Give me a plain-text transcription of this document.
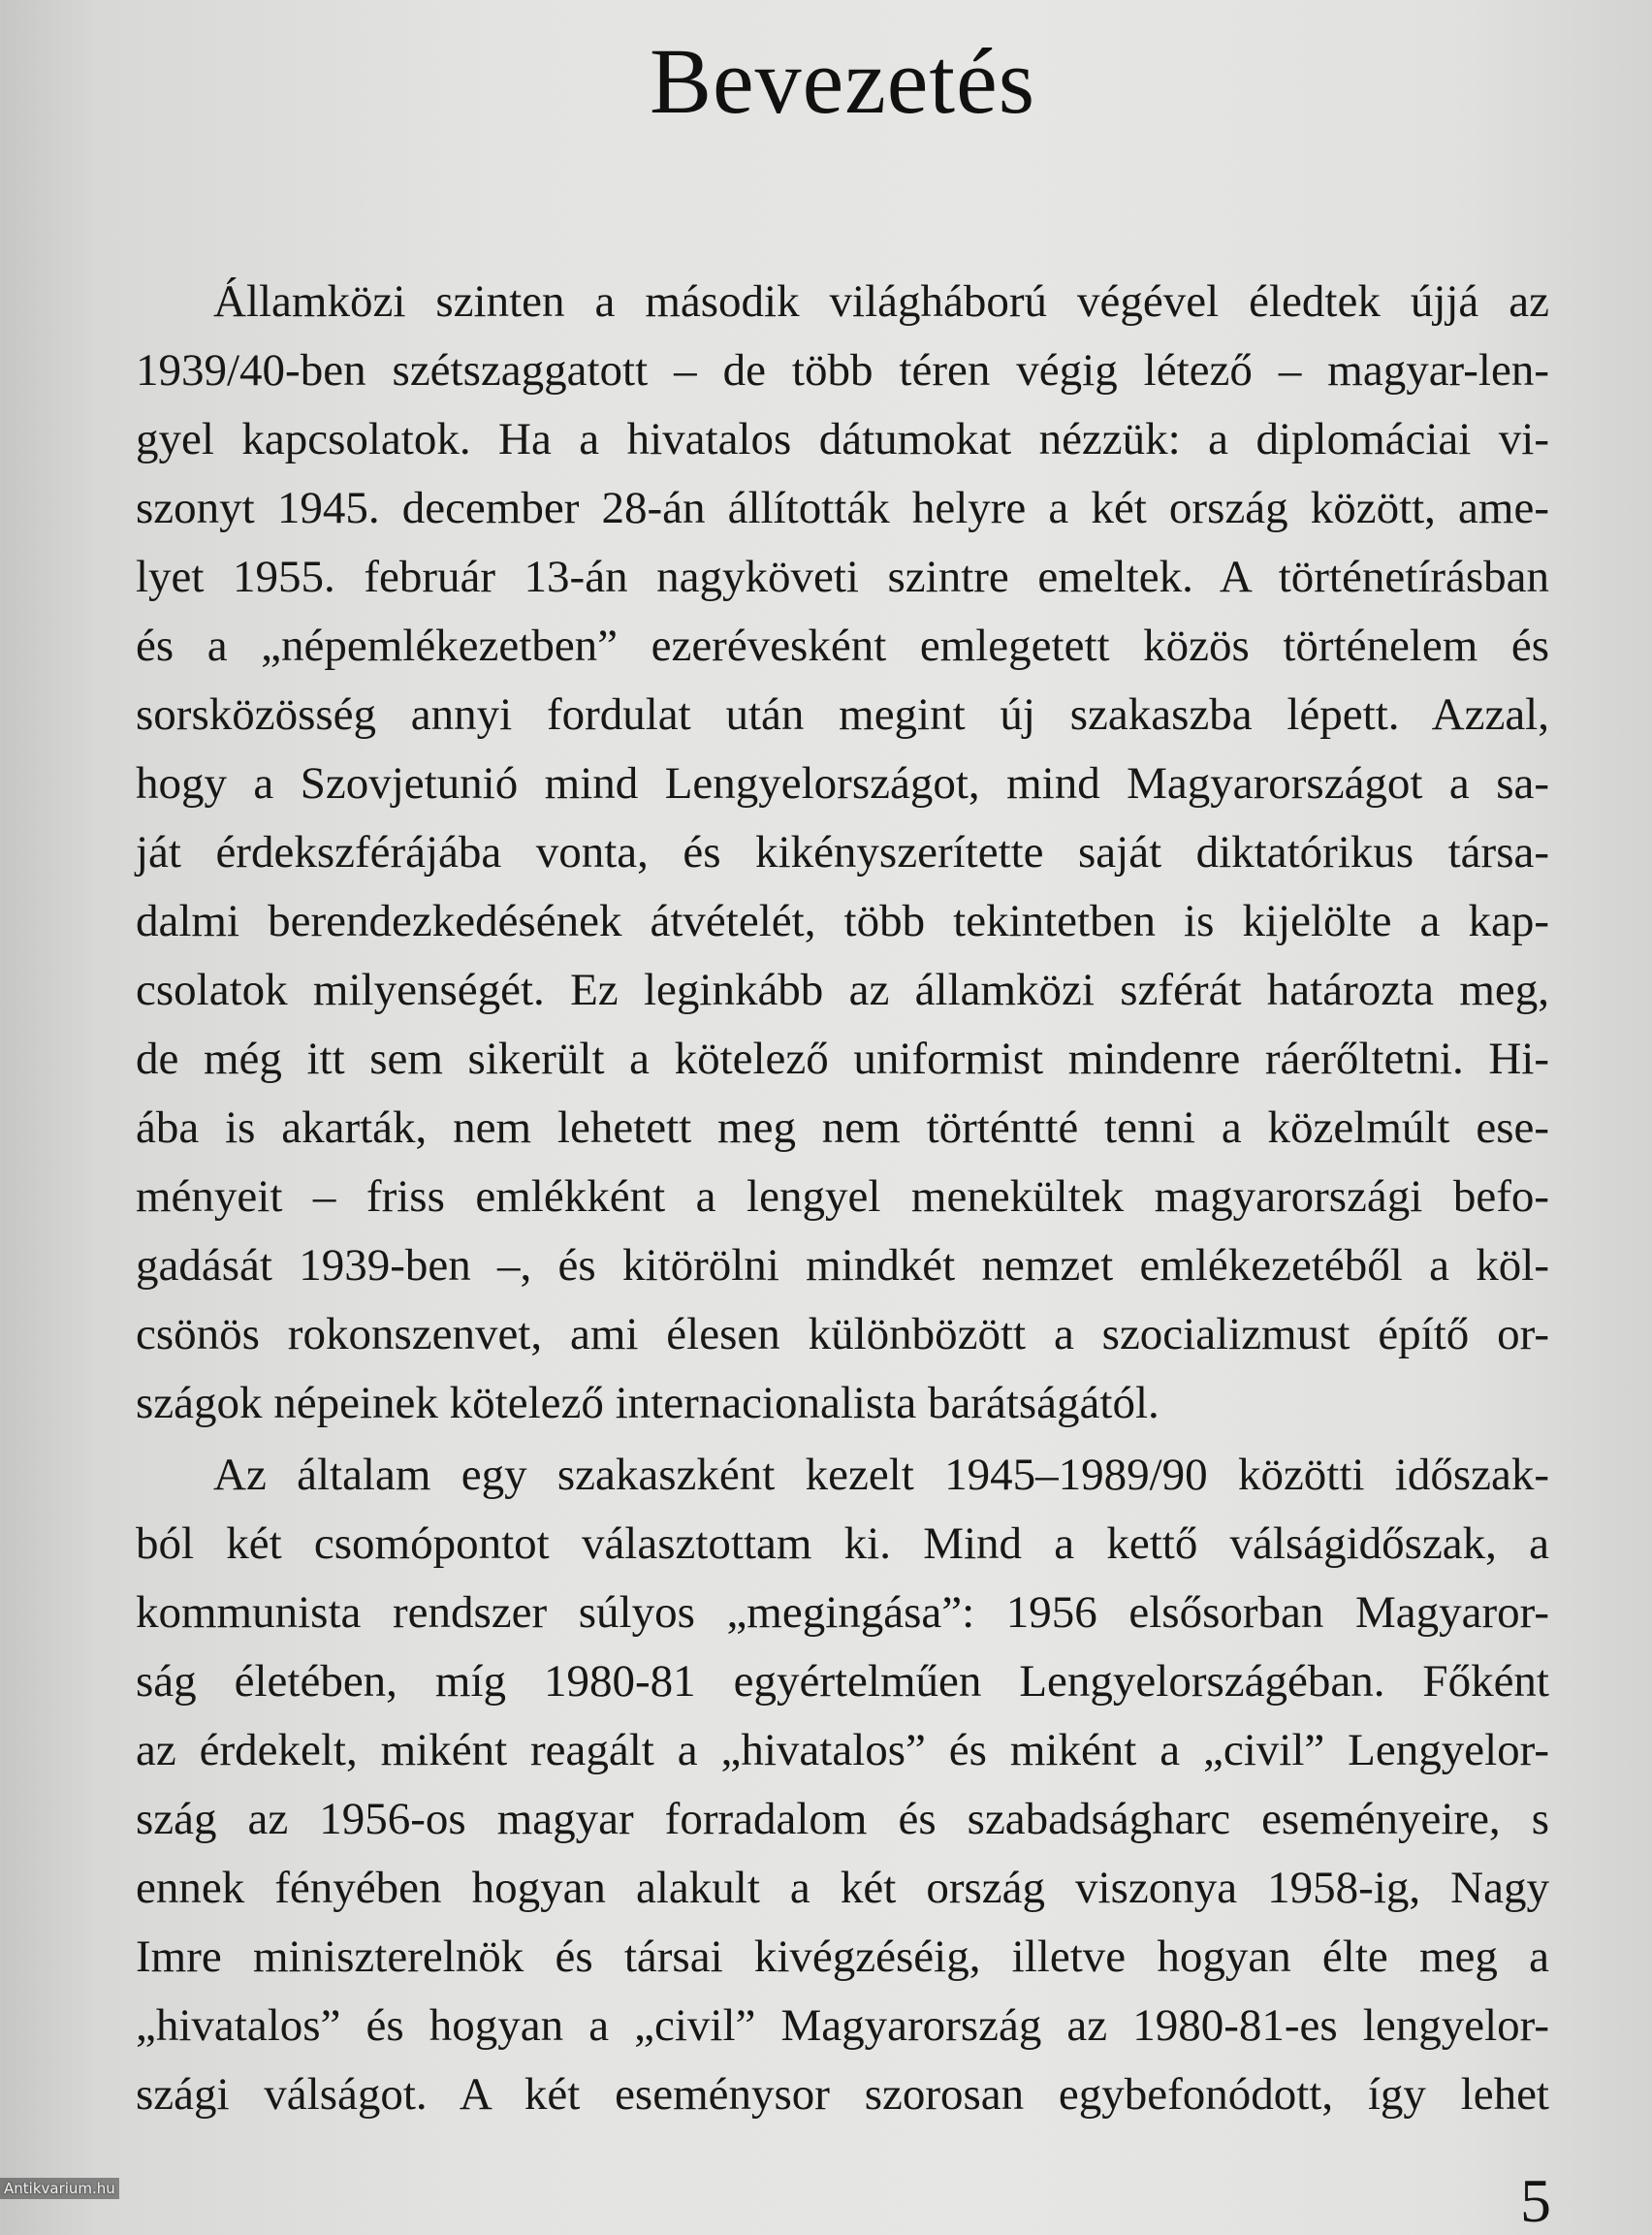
Bevezetés
Államközi szinten a második világháború végével éledtek újjá az
1939/40-ben szétszaggatott – de több téren végig létező – magyar-len-
gyel kapcsolatok. Ha a hivatalos dátumokat nézzük: a diplomáciai vi-
szonyt 1945. december 28-án állították helyre a két ország között, ame-
lyet 1955. február 13-án nagyköveti szintre emeltek. A történetírásban
és a „népemlékezetben” ezerévesként emlegetett közös történelem és
sorsközösség annyi fordulat után megint új szakaszba lépett. Azzal,
hogy a Szovjetunió mind Lengyelországot, mind Magyarországot a sa-
ját érdekszférájába vonta, és kikényszerítette saját diktatórikus társa-
dalmi berendezkedésének átvételét, több tekintetben is kijelölte a kap-
csolatok milyenségét. Ez leginkább az államközi szférát határozta meg,
de még itt sem sikerült a kötelező uniformist mindenre ráerőltetni. Hi-
ába is akarták, nem lehetett meg nem történtté tenni a közelmúlt ese-
ményeit – friss emlékként a lengyel menekültek magyarországi befo-
gadását 1939-ben –, és kitörölni mindkét nemzet emlékezetéből a köl-
csönös rokonszenvet, ami élesen különbözött a szocializmust építő or-
szágok népeinek kötelező internacionalista barátságától.
Az általam egy szakaszként kezelt 1945–1989/90 közötti időszak-
ból két csomópontot választottam ki. Mind a kettő válságidőszak, a
kommunista rendszer súlyos „megingása”: 1956 elsősorban Magyaror-
ság életében, míg 1980-81 egyértelműen Lengyelországéban. Főként
az érdekelt, miként reagált a „hivatalos” és miként a „civil” Lengyelor-
szág az 1956-os magyar forradalom és szabadságharc eseményeire, s
ennek fényében hogyan alakult a két ország viszonya 1958-ig, Nagy
Imre miniszterelnök és társai kivégzéséig, illetve hogyan élte meg a
„hivatalos” és hogyan a „civil” Magyarország az 1980-81-es lengyelor-
szági válságot. A két eseménysor szorosan egybefonódott, így lehet
5
Antikvarium.hu
